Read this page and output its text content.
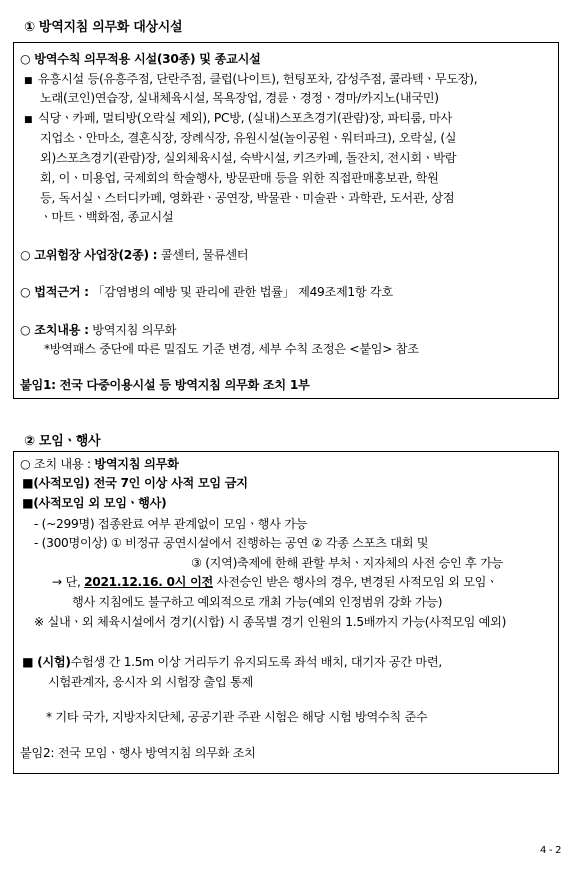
① 방역지침 의무화 대상시설
○ 방역수칙 의무적용 시설(30종) 및 종교시설
■ 유흥시설 등(유흥주점, 단란주점, 클럽(나이트), 헌팅포차, 감성주점, 콜라텍ㆍ무도장),
노래(코인)연습장, 실내체육시설, 목욕장업, 경륜ㆍ경정ㆍ경마/카지노(내국민)
■ 식당ㆍ카페, 멀티방(오락실 제외), PC방, (실내)스포츠경기(관람)장, 파티룸, 마사
지업소ㆍ안마소, 결혼식장, 장례식장, 유원시설(놀이공원ㆍ워터파크), 오락실, (실
외)스포츠경기(관람)장, 실외체육시설, 숙박시설, 키즈카페, 돌잔치, 전시회ㆍ박람
회, 이ㆍ미용업, 국제회의 학술행사, 방문판매 등을 위한 직접판매홍보관, 학원
등, 독서실ㆍ스터디카페, 영화관ㆍ공연장, 박물관ㆍ미술관ㆍ과학관, 도서관, 상점
ㆍ마트ㆍ백화점, 종교시설
○ 고위험장 사업장(2종) : 콜센터, 물류센터
○ 법적근거 : 「감염병의 예방 및 관리에 관한 법률」 제49조제1항 각호
○ 조치내용 : 방역지침 의무화
*방역패스 중단에 따른 밀집도 기준 변경, 세부 수칙 조정은 <붙임> 참조
붙임1: 전국 다중이용시설 등 방역지침 의무화 조치 1부
② 모임ㆍ행사
○ 조치 내용 : 방역지침 의무화
■(사적모임) 전국 7인 이상 사적 모임 금지
■(사적모임 외 모임ㆍ행사)
- (~299명) 접종완료 여부 관계없이 모임ㆍ행사 가능
- (300명이상) ① 비정규 공연시설에서 진행하는 공연 ② 각종 스포츠 대회 및
③ (지역)축제에 한해 관할 부처ㆍ지자체의 사전 승인 후 가능
→ 단, 2021.12.16. 0시 이전 사전승인 받은 행사의 경우, 변경된 사적모임 외 모임ㆍ
행사 지침에도 불구하고 예외적으로 개최 가능(예외 인정범위 강화 가능)
※ 실내ㆍ외 체육시설에서 경기(시합) 시 종목별 경기 인원의 1.5배까지 가능(사적모임 예외)
■ (시험)수험생 간 1.5m 이상 거리두기 유지되도록 좌석 배치, 대기자 공간 마련,
시험관계자, 응시자 외 시험장 출입 통제
* 기타 국가, 지방자치단체, 공공기관 주관 시험은 해당 시험 방역수칙 준수
붙임2: 전국 모임ㆍ행사 방역지침 의무화 조치
4 - 2
